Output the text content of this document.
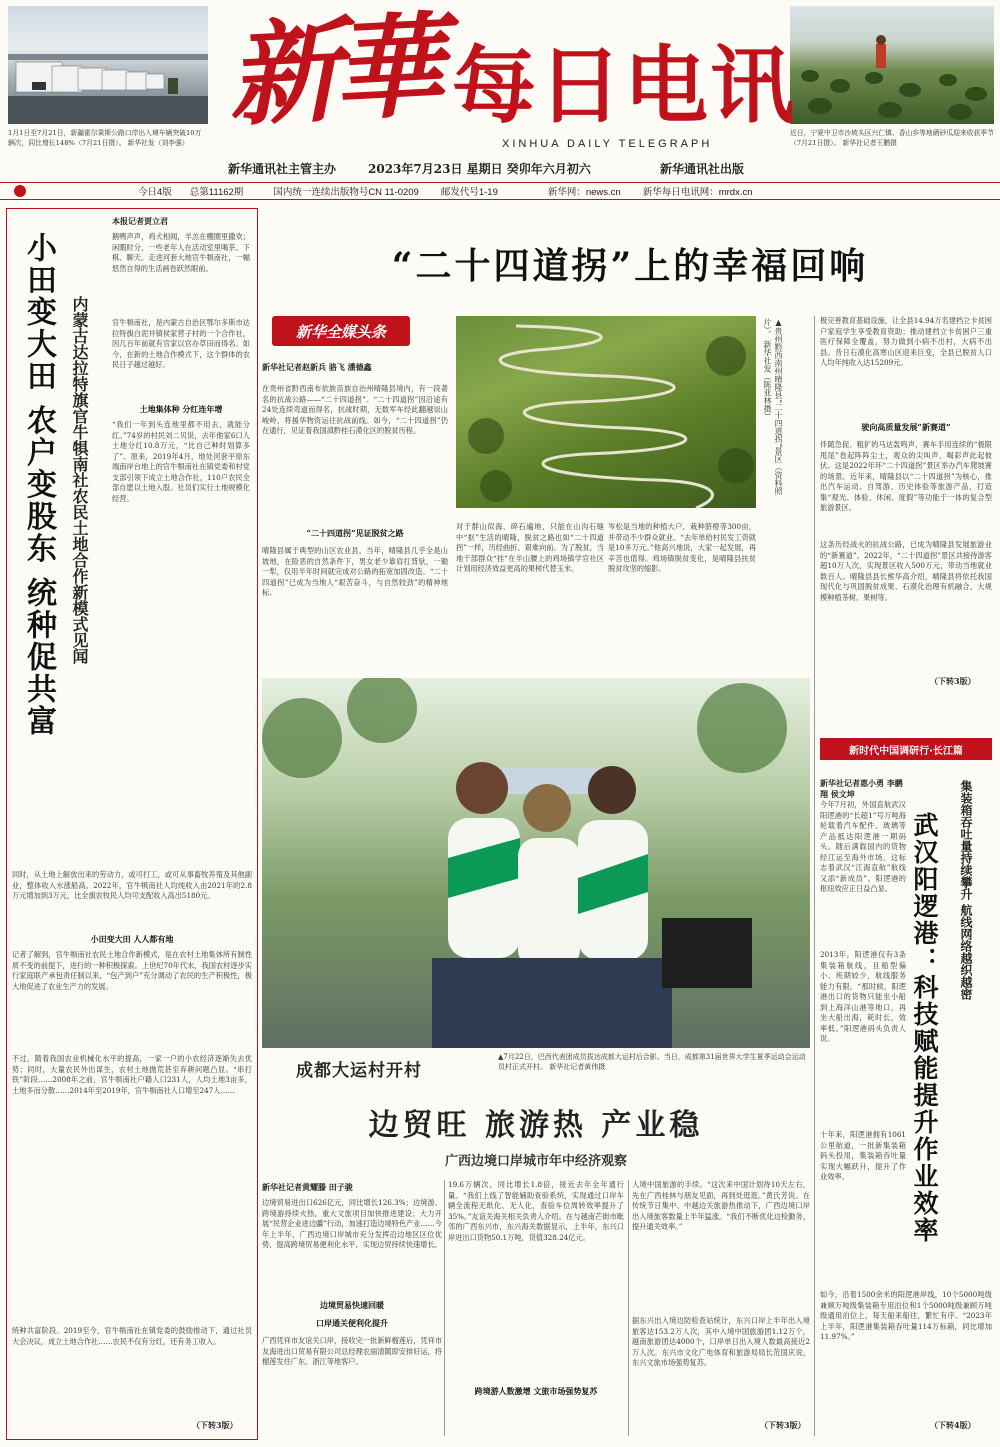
1月1日至7月21日，新疆霍尔果斯公路口岸出入境车辆突破10万辆次，同比增长148%（7月21日摄）。 新华社发（刘李强）
近日，宁夏中卫市沙坡头区兴仁镇、香山乡等地硒砂瓜迎来收获季节（7月21日摄）。 新华社记者王鹏摄
新華 每日电讯
XINHUA DAILY TELEGRAPH
新华通讯社主管主办	2023年7月23日 星期日 癸卯年六月初六	新华通讯社出版
今日4版 总第11162期	国内统一连续出版物号CN 11-0209 邮发代号1-19	新华网：news.cn 新华每日电讯网：mrdx.cn
小田变大田 农户变股东 统种促共富 内蒙古达拉特旗官牛犋南社农民土地合作新模式见闻
本报记者贾立君
鹅鸭声声，鸡犬相闻，羊羔在棚圈里撒欢；闲暇时分，一些老年人在活动室里喝茶、下棋、聊天。走进河套大地官牛犋南社，一幅悠然自得的生活画卷跃然眼前。
官牛犋南社，是内蒙古自治区鄂尔多斯市达拉特旗白泥井镇侯家营子村的一个合作社，因几百年前就有官家以官办草田而得名。如今，在新的土地合作模式下，这个群体的农民日子越过越好。
土地集体种 分红连年增
“我们一年到头连地里都不用去，就能分红。”74岁的村民刘二贝说，去年他家6口人土地分红10.8万元，“比自己种时划算多了”。原来，2019年4月，地处河套平原东端南岸台地上的官牛犋南社在镇党委和村党支部引领下成立土地合作社，110户农民全部自愿以土地入股。社员们实行土地规模化经营。
同时，从土地上解放出来的劳动力，或可打工，或可从事畜牧养殖及其他副业，整体收入水涨船高。2022年，官牛犋南社人均纯收入由2021年的2.8万元增加到3万元，比全旗农牧民人均可支配收入高出5180元。
小田变大田 人人都有地
记者了解到，官牛犋南社农民土地合作新模式，是在农村土地集体所有制性质不变的前提下，进行的一种积极探索。上世纪70年代末，我国农村逐步实行家庭联产承包责任制以来，“包产到户”充分调动了农民的生产积极性，极大地促进了农业生产力的发展。
不过，随着我国农业机械化水平的提高，一家一户的小农经济逐渐失去优势；同时，大量农民外出谋生，农村土地抛荒甚至弃耕问题凸显。“串打铁”阶段……2008年之前，官牛犋南社户籍人口231人，人均土地3亩多，土地多而分散……2014年至2019年，官牛犋南社人口增至247人……
统种共富阶段。2019至今，官牛犋南社在镇党委的鼓励推动下，通过社员大会决议，成立土地合作社……农民不仅有分红，还有务工收入。
（下转3版）
“二十四道拐”上的幸福回响
新华全媒头条
新华社记者赵新兵 骆飞 潘德鑫
在贵州省黔西南布依族苗族自治州晴隆县境内，有一段著名的抗战公路——“二十四道拐”。“二十四道拐”因沿途有24处连续弯道而得名，抗战时期，无数军车经此翻越崇山峻岭，将援华物资运往抗战前线。如今，“二十四道拐”仍在通行，见证着我国滇黔桂石漠化区的脱贫历程。
“二十四道拐”见证脱贫之路
晴隆县属于典型的山区农业县，当年，晴隆县几乎全是山坡地，在险恶的自然条件下，男女老少靠肩扛背驮，一锄一犁，仅用半年时间就完成对公路的拓宽加固改造。“二十四道拐”已成为当地人“艰苦奋斗，与自然较劲”的精神地标。
▲贵州黔西南州晴隆县“二十四道拐”景区（资料照片）。 新华社发（陈亚林摄）
对于群山似海、碎石遍地，只能在山沟石缝中“抠”生活的晴隆，脱贫之路也如“二十四道拐”一样，历经曲折、艰难向前。为了脱贫，当地干部群众“挂”在半山腰上的鸡场镇学官社区计划用经济效益更高的果树代替玉米。
岑松是当地的种植大户，栽种脐橙等300亩，并带动不少群众就业。“去年单给村民发工资就是10多万元。”他高兴地说，大家一起发展，再辛苦也值得。鸡场镇脱贫变化，是晴隆县扶贫脱贫攻坚的缩影。
极完善教育基础设施，让全县14.94万名建档立卡贫困户家庭学生享受教育资助；推动建档立卡贫困户三重医疗保障全覆盖，努力做到小病不出村，大病不出县。昔日石漠化高寒山区迎来巨变，全县已脱贫人口人均年纯收入达15209元。
驶向高质量发展“新赛道”
伴随急促、粗犷的马达轰鸣声，赛车手用连续的“极限甩尾”卷起阵阵尘土，观众的尖叫声、喝彩声此起彼伏。这是2022年环“二十四道拐”景区举办汽车爬坡赛的场景。近年来，晴隆县以“二十四道拐”为核心，推出汽车运动、自驾游、历史体验等旅游产品，打造集“观光、体验、休闲、度假”等功能于一体的复合型旅游景区。
这条历经战火的抗战公路，已成为晴隆县发展旅游业的“新赛道”。2022年，“二十四道拐”景区共接待游客超10万人次，实现景区收入500万元，带动当地就业数百人。晴隆县县长熊华高介绍，晴隆县将依托我国现代化与巩固脱贫成果、石漠化治理有机融合，大规模种植茶树、果树等。
（下转3版）
成都大运村开村
▲7月22日，巴西代表团成员拔达成都大运村后合影。当日，成都第31届世界大学生夏季运动会运动员村正式开村。 新华社记者黄伟摄
新时代中国调研行·长江篇
新华社记者惠小勇 李鹏翔 侯文坤
武汉阳逻港：科技赋能提升作业效率 集装箱吞吐量持续攀升 航线网络越织越密
今年7月初，外国直航武汉阳逻港的“长超1”号万吨海轮载着汽车配件、玻璃等产品抵达阳逻港一期码头。随后满载国内的货物经江运至海外市场。这标志着武汉“江海直航”航线又添“新成员”。阳逻港的枢纽效应正日益凸显。
2013年，阳逻港仅有3条集装箱航线，且船型偏小、班期较少，航线服务能力有限。“那时候，阳逻港出口的货物只能坐小船到上海洋山港等地口，再坐大船出海，耗时长，效率低。”阳逻港码头负责人说。
十年来，阳逻港拥有1061公里航道，一批新集装箱码头投用，集装箱吞吐量实现大幅跃升，提升了作业效率。
如今，沿着1500余米的阳逻港岸线，10个5000吨级兼顾万吨级集装箱专用泊位和1个5000吨级兼顾万吨级通用泊位上，每天船来船往，繁忙有序。“2023年上半年，阳逻港集装箱吞吐量114万标箱，同比增加11.97%。”
（下转4版）
边贸旺 旅游热 产业稳
广西边境口岸城市年中经济观察
新华社记者黄耀滕 田子骏
边境贸易进出口626亿元，同比增长126.3%；边境游、跨境游持续火热，重大文旅项目加快推进建设；大力开展“民营企业进边疆”行动，加速打造边境特色产业……今年上半年，广西边境口岸城市充分发挥沿边地区区位优势，提高跨境贸易便利化水平，实现边贸持续快速增长。
边境贸易快速回暖
口岸通关便利化提升
广西凭祥市友谊关口岸，接收完一批新鲜榴莲后，凭祥市友海进出口贸易有限公司总经理农丽清随即安排好运，将榴莲发往广东、浙江等地客户。
19.6万辆次，同比增长1.8倍，接近去年全年通行量。“我们上线了智能辅助查验系统，实现通过口岸车辆全流程无纸化、无人化，查验车位周转效率提升了35%。”友谊关海关相关负责人介绍。在与越南芒街市毗邻的广西东兴市，东兴海关数据显示，上半年，东兴口岸进出口货物50.1万吨，货值328.24亿元。
跨境游人数激增 文旅市场强势复苏
人境中国旅游的手续。“这次来中国计划待10天左右，先在广西桂林与朋友见面，再到处逛逛。”黄氏芳说。在传统节日集中、中越边关旅游热推动下，广西边境口岸出入境旅客数量上半年猛涨。“我们不断优化边检勤务，提升通关效率。”
据东兴出入境边防检查站统计，东兴口岸上半年出入境旅客达153.2万人次，其中入境中国旅游团1.12万个，越南旅游团达4000个，口岸单日出入境人数最高接近2万人次。东兴市文化广电体育和旅游局局长范国庆说，东兴文旅市场强势复苏。
（下转3版）
